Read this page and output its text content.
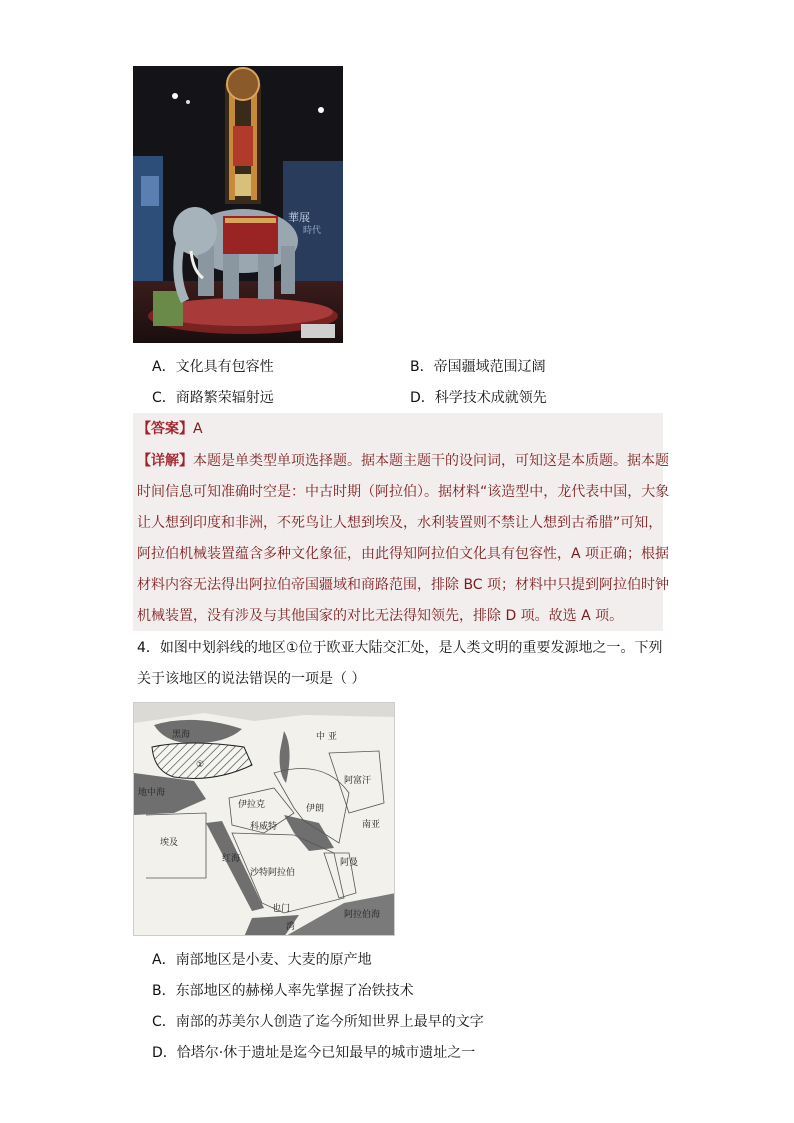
華展
時代
A．文化具有包容性	B．帝国疆域范围辽阔
C．商路繁荣辐射远	D．科学技术成就领先
【答案】A
【详解】本题是单类型单项选择题。据本题主题干的设问词，可知这是本质题。据本题
时间信息可知准确时空是：中古时期（阿拉伯）。据材料“该造型中，龙代表中国，大象
让人想到印度和非洲，不死鸟让人想到埃及，水利装置则不禁让人想到古希腊”可知，
阿拉伯机械装置蕴含多种文化象征，由此得知阿拉伯文化具有包容性，A 项正确；根据
材料内容无法得出阿拉伯帝国疆域和商路范围，排除 BC 项；材料中只提到阿拉伯时钟
机械装置，没有涉及与其他国家的对比无法得知领先，排除 D 项。故选 A 项。
4．如图中划斜线的地区①位于欧亚大陆交汇处，是人类文明的重要发源地之一。下列
关于该地区的说法错误的一项是（ ）
黑海	中 亚
①
阿富汗
地中海
伊拉克	伊朗
科威特	南亚
埃及
沙特阿拉伯
阿曼
红海
也门
阿拉伯海
湾
A．南部地区是小麦、大麦的原产地
B．东部地区的赫梯人率先掌握了冶铁技术
C．南部的苏美尔人创造了迄今所知世界上最早的文字
D．恰塔尔·休于遗址是迄今已知最早的城市遗址之一
